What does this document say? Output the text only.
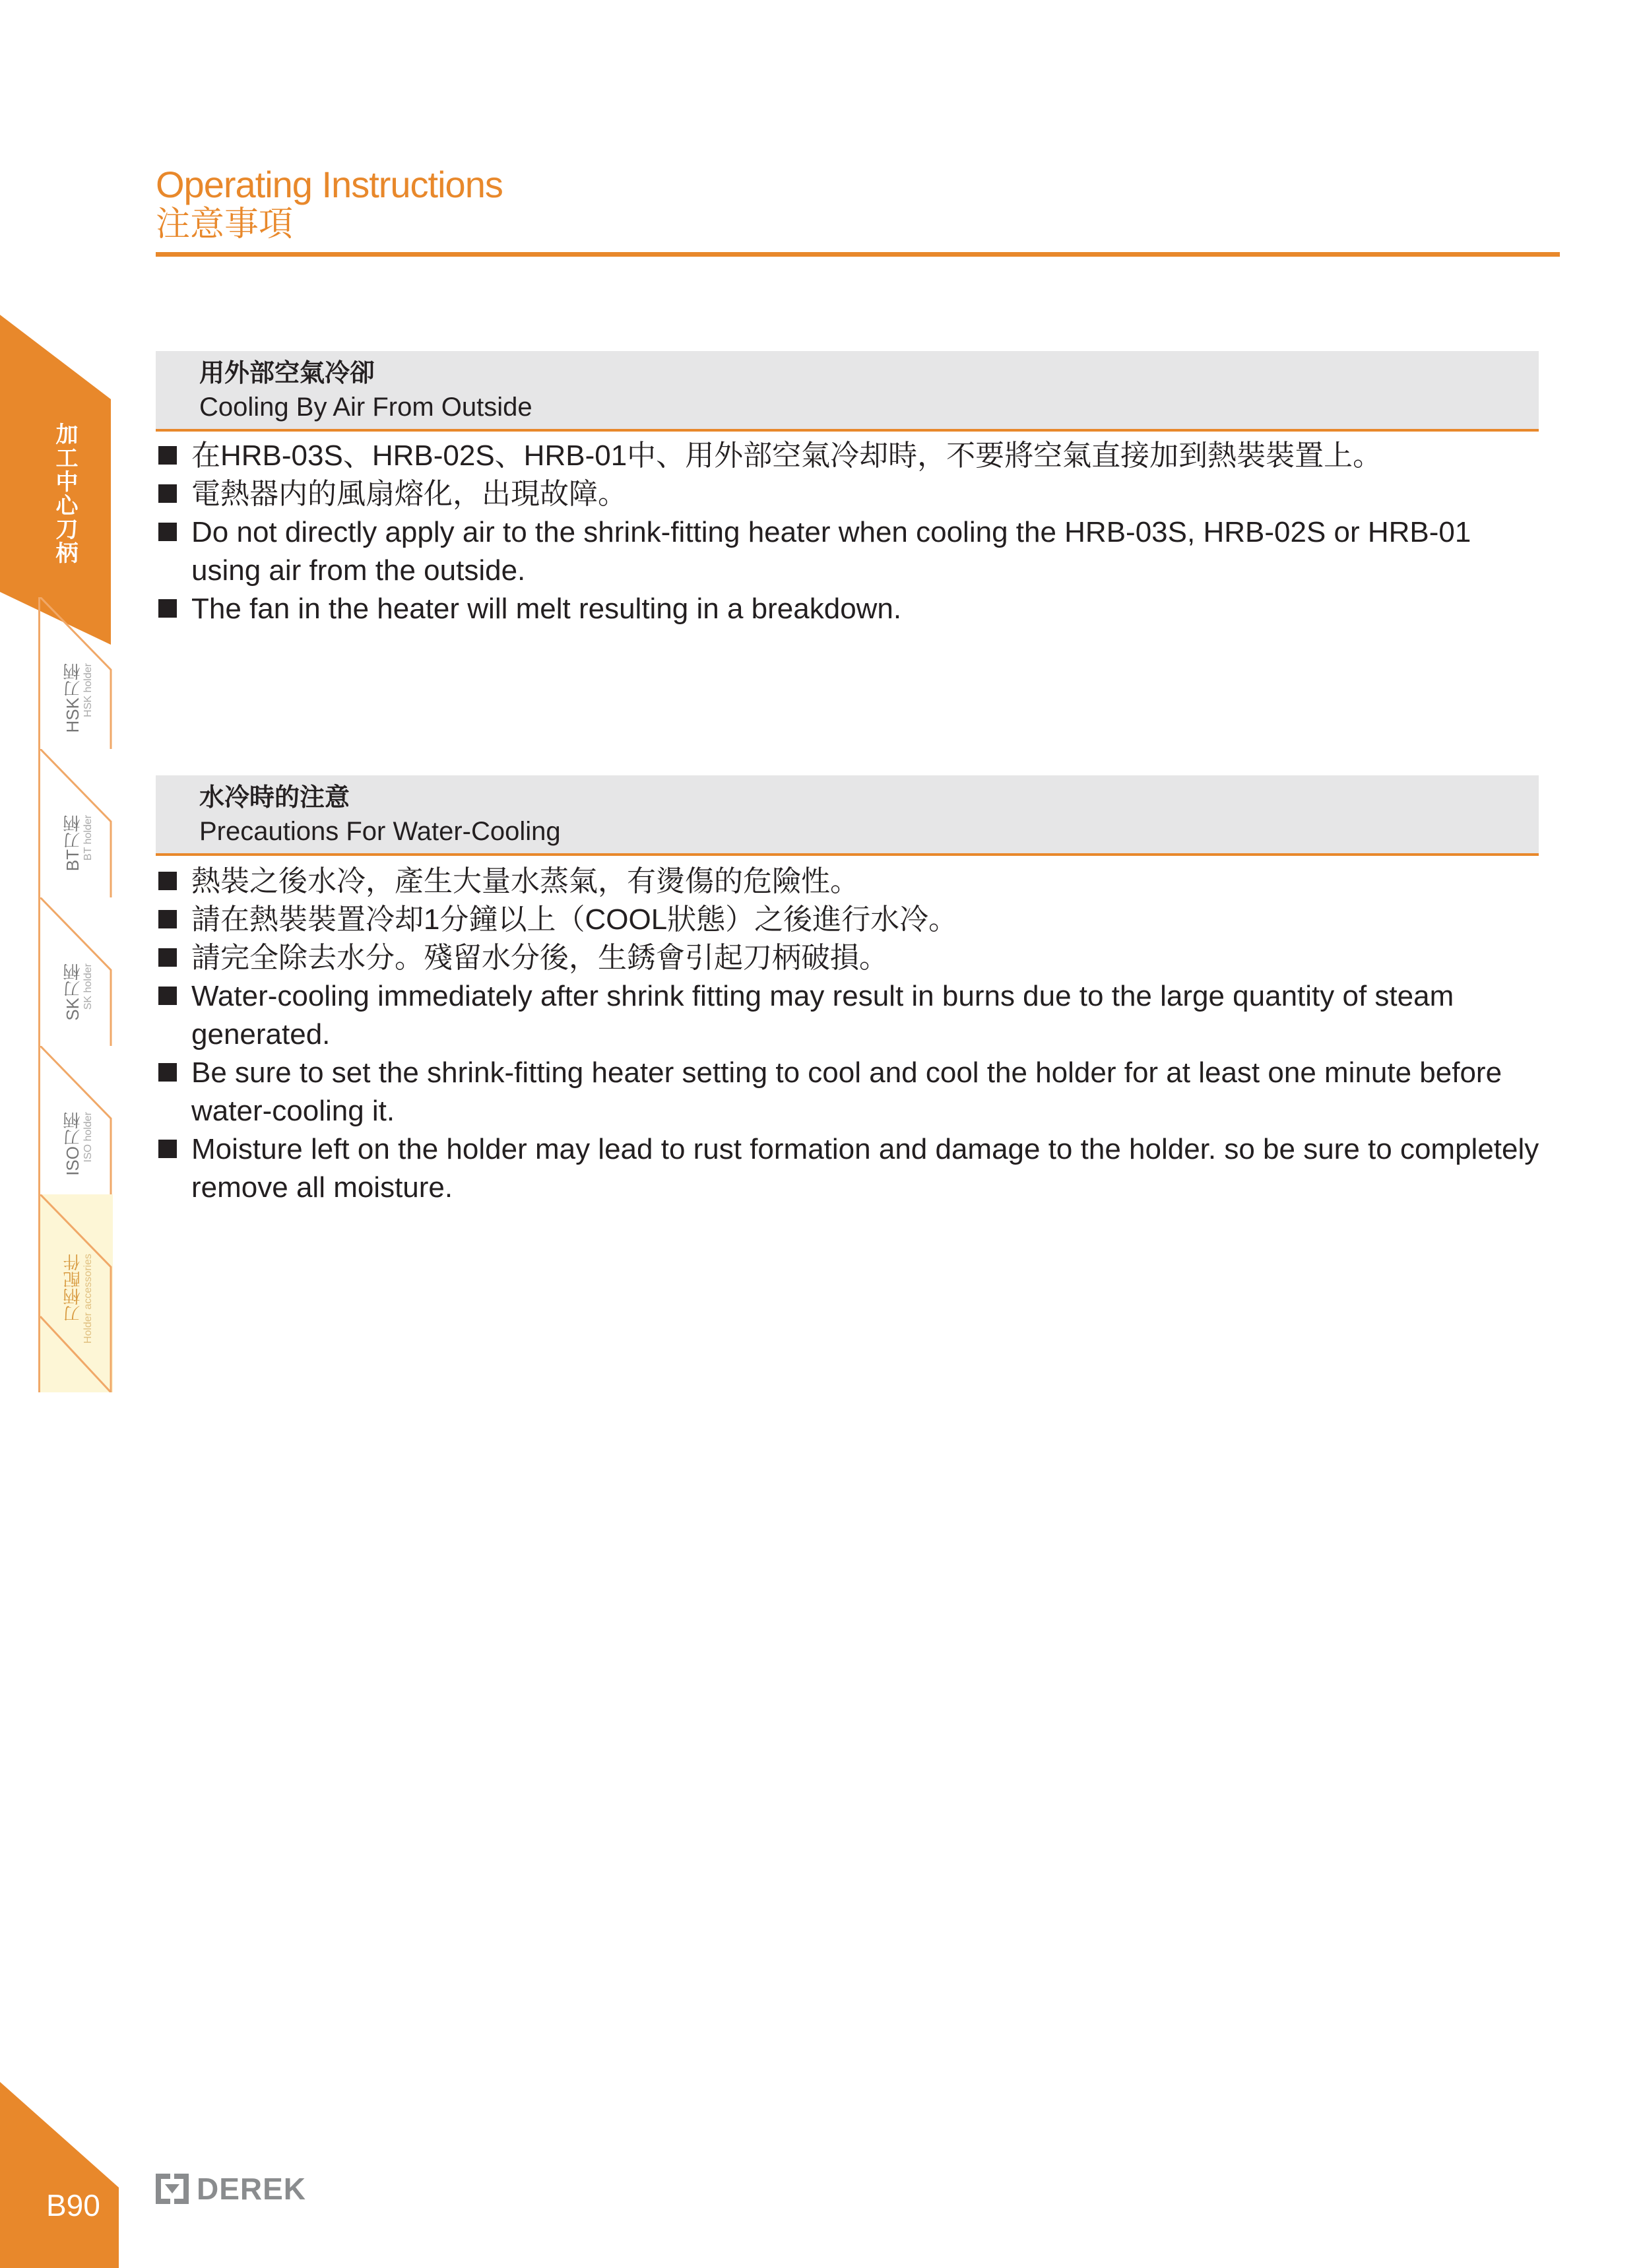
Operating Instructions
注意事項
加工中心刀柄
HSK刀柄 HSK holder
BT刀柄 BT holder
SK刀柄 SK holder
ISO刀柄 ISO holder
刀柄配件 Holder accessories
用外部空氣冷卻
Cooling By Air From Outside
在HRB-03S、HRB-02S、HRB-01中、用外部空氣冷却時，不要將空氣直接加到熱裝裝置上。
電熱器内的風扇熔化，出現故障。
Do not directly apply air to the shrink-fitting heater when cooling the HRB-03S, HRB-02S or HRB-01 using air from the outside.
The fan in the heater will melt resulting in a breakdown.
水冷時的注意
Precautions For Water-Cooling
熱裝之後水冷，產生大量水蒸氣，有燙傷的危險性。
請在熱裝裝置冷却1分鐘以上（COOL狀態）之後進行水冷。
請完全除去水分。殘留水分後，生銹會引起刀柄破損。
Water-cooling immediately after shrink fitting may result in burns due to the large quantity of steam generated.
Be sure to set the shrink-fitting heater setting to cool and cool the holder for at least one minute before water-cooling it.
Moisture left on the holder may lead to rust formation and damage to the holder. so be sure to completely remove all moisture.
B90	DEREK
